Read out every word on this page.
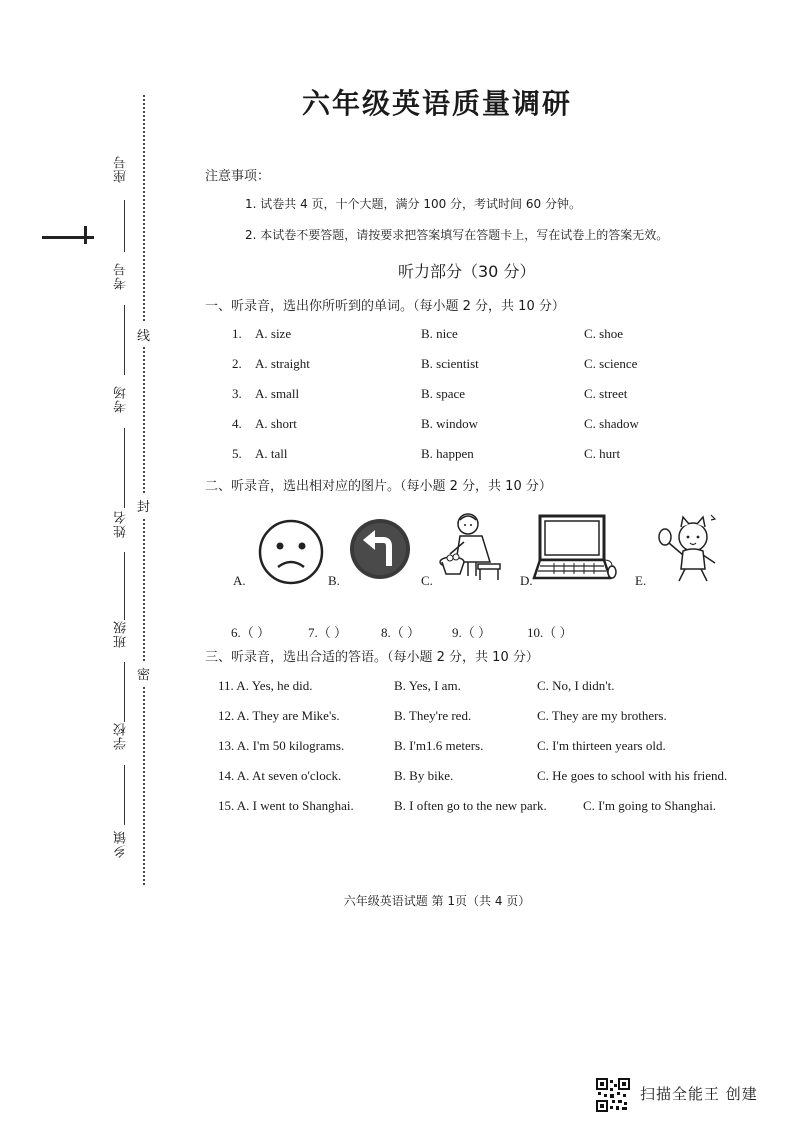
座号
考号
考场
姓名
班级
学校
乡镇
线
封
密
六年级英语质量调研
注意事项：
1. 试卷共 4 页，十个大题，满分 100 分，考试时间 60 分钟。
2. 本试卷不要答题，请按要求把答案填写在答题卡上，写在试卷上的答案无效。
听力部分（30 分）
一、听录音，选出你所听到的单词。（每小题 2 分，共 10 分）
1. A. size	B. nice	C. shoe
2. A. straight	B. scientist	C. science
3. A. small	B. space	C. street
4. A. short	B. window	C. shadow
5. A. tall	B. happen	C. hurt
二、听录音，选出相对应的图片。（每小题 2 分，共 10 分）
A.	B.	C.	D.	E.
6.（ ）	7.（ ）	8.（ ） 9.（ ）	10.（ ）
三、听录音，选出合适的答语。（每小题 2 分，共 10 分）
11. A. Yes, he did.	B. Yes, I am.	C. No, I didn't.
12. A. They are Mike's.	B. They're red.	C. They are my brothers.
13. A. I'm 50 kilograms.	B. I'm1.6 meters.	C. I'm thirteen years old.
14. A. At seven o'clock.	B. By bike.	C. He goes to school with his friend.
15. A. I went to Shanghai.	B. I often go to the new park.	C. I'm going to Shanghai.
六年级英语试题 第 1页（共 4 页）
扫描全能王 创建
